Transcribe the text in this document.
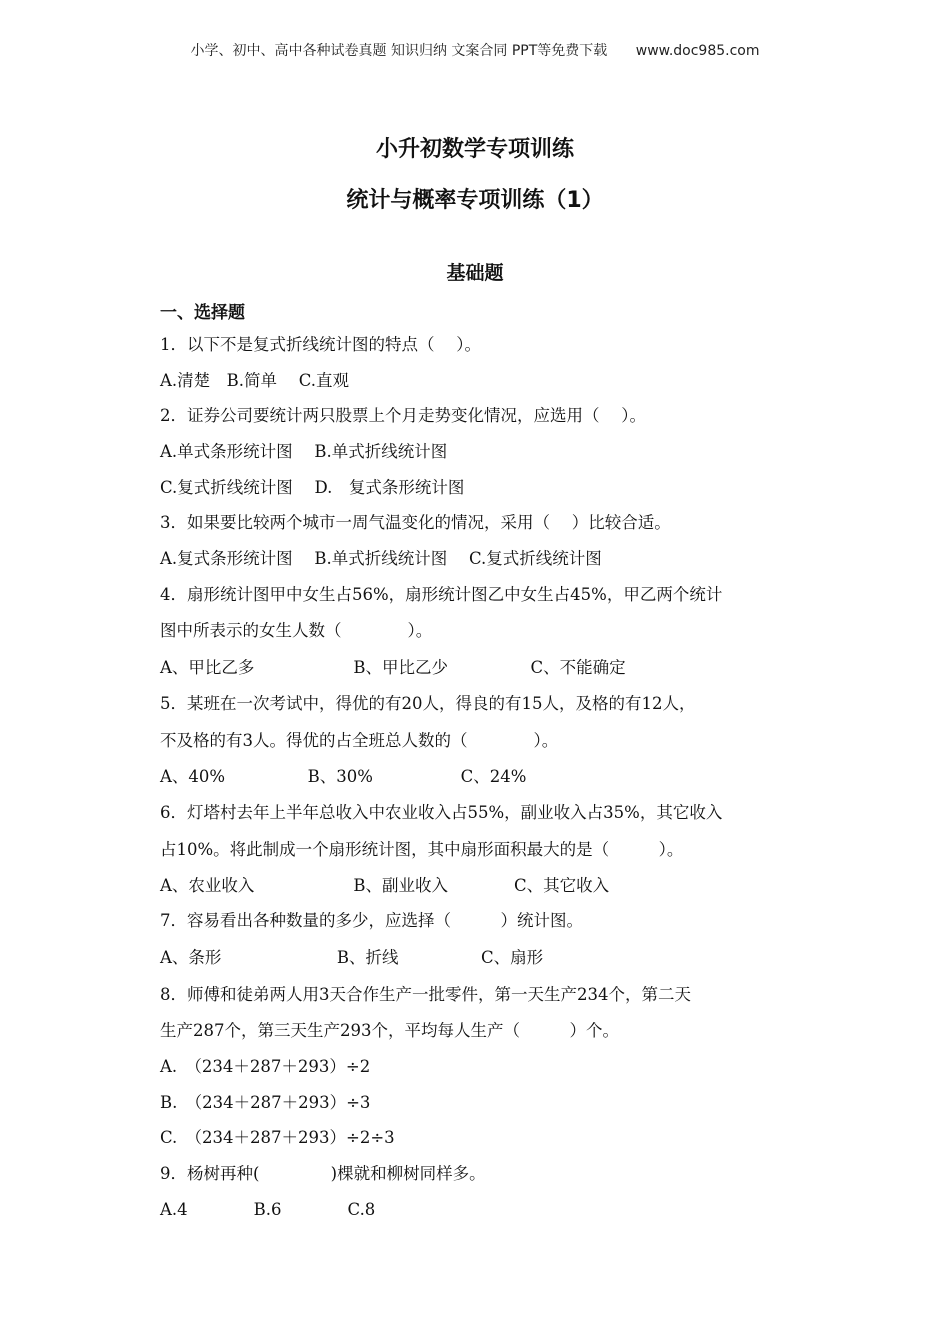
小学、初中、高中各种试卷真题 知识归纳 文案合同 PPT等免费下载 www.doc985.com
小升初数学专项训练
统计与概率专项训练（1）
基础题
一、选择题
1．以下不是复式折线统计图的特点（　 ）。
A.清楚　B.简单　 C.直观
2．证券公司要统计两只股票上个月走势变化情况，应选用（　 ）。
A.单式条形统计图　 B.单式折线统计图
C.复式折线统计图　 D.　复式条形统计图
3．如果要比较两个城市一周气温变化的情况，采用（　 ）比较合适。
A.复式条形统计图　 B.单式折线统计图　 C.复式折线统计图
4．扇形统计图甲中女生占56%，扇形统计图乙中女生占45%，甲乙两个统计
图中所表示的女生人数（　　　　）。
A、甲比乙多　　　　　　B、甲比乙少　　　　　C、不能确定
5．某班在一次考试中，得优的有20人，得良的有15人，及格的有12人，
不及格的有3人。得优的占全班总人数的（　　　　）。
A、40%　　　　　B、30%　　　　　 C、24%
6．灯塔村去年上半年总收入中农业收入占55%，副业收入占35%，其它收入
占10%。将此制成一个扇形统计图，其中扇形面积最大的是（　　　）。
A、农业收入　　　　　　B、副业收入　　　　C、其它收入
7．容易看出各种数量的多少，应选择（　　　）统计图。
A、条形　　　　　　　B、折线　　　　　C、扇形
8．师傅和徒弟两人用3天合作生产一批零件，第一天生产234个，第二天
生产287个，第三天生产293个，平均每人生产（　　　）个。
A.　（234＋287＋293）÷2
B.　（234＋287＋293）÷3
C.　（234＋287＋293）÷2÷3
9．杨树再种(　　　　 )棵就和柳树同样多。
A.4　　　　B.6　　　　C.8
